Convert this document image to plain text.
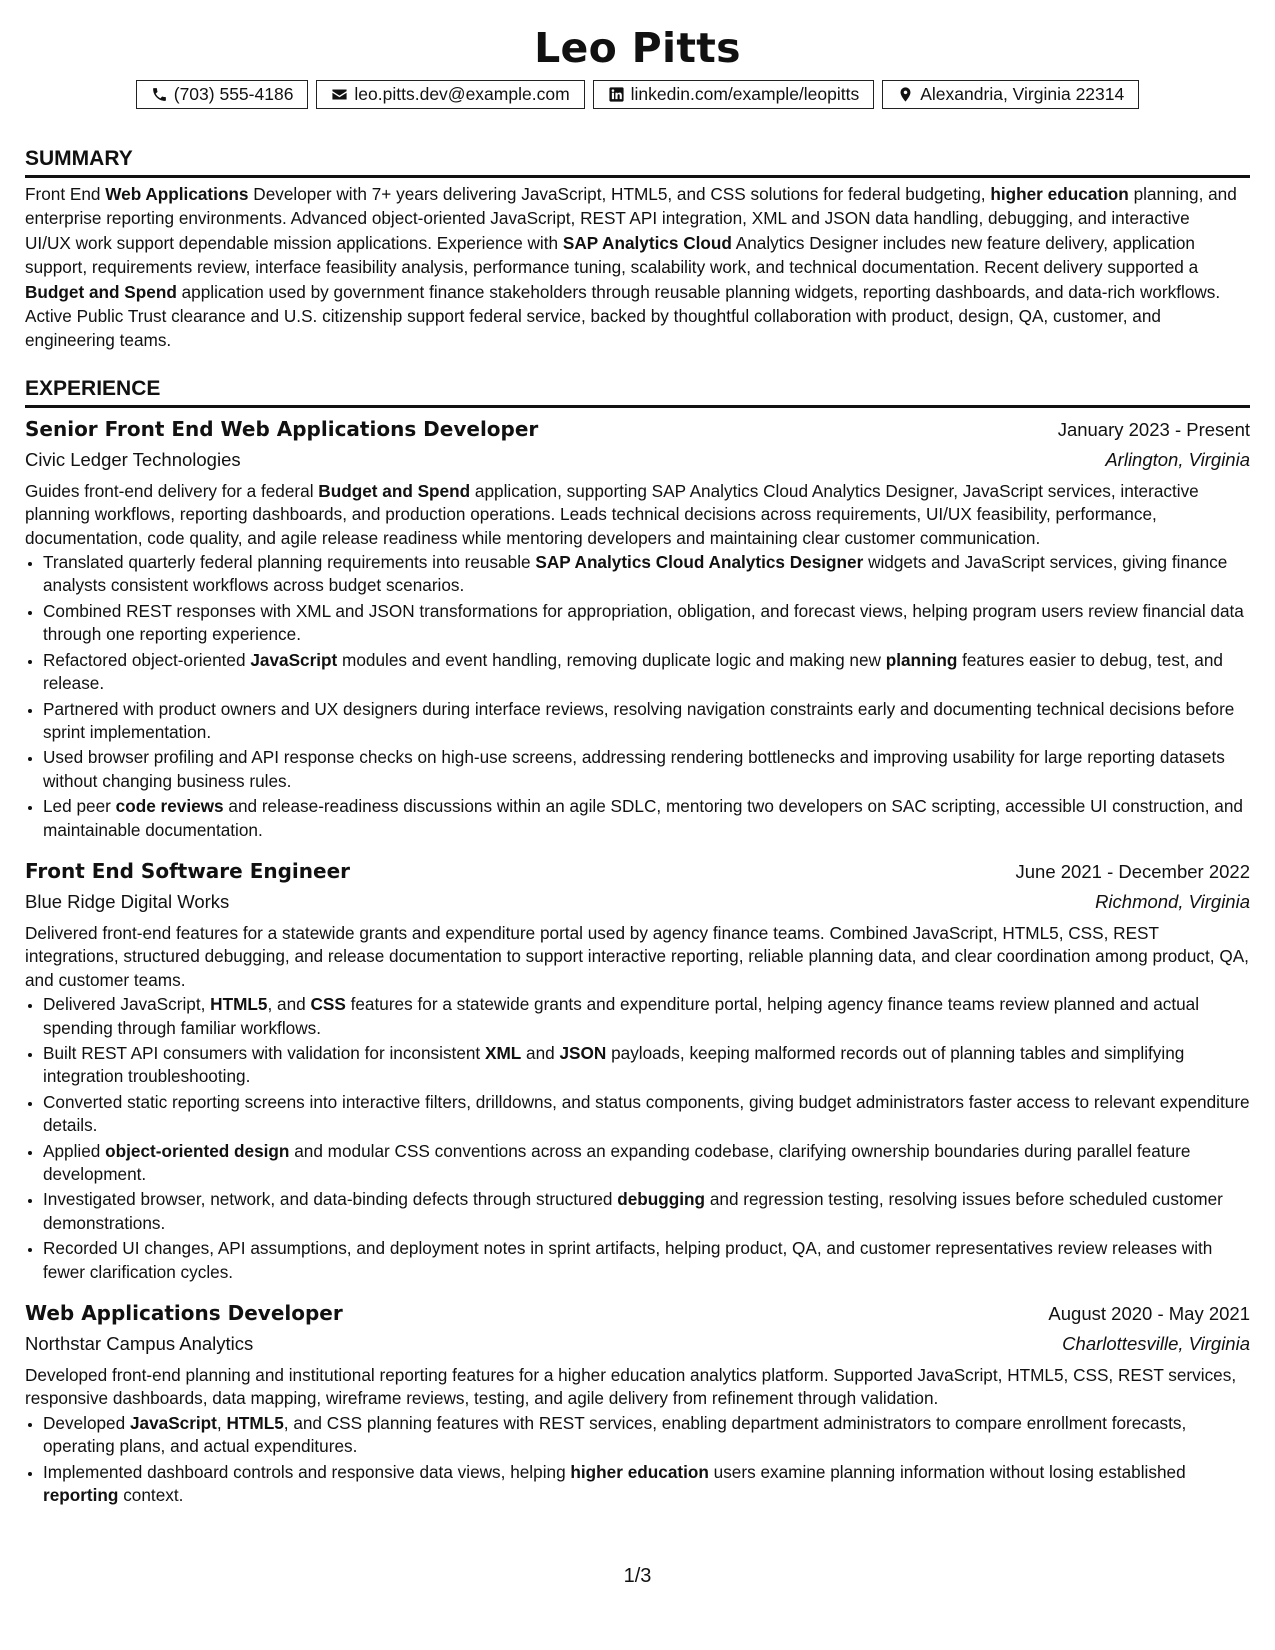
Leo Pitts
(703) 555-4186	leo.pitts.dev@example.com	linkedin.com/example/leopitts	Alexandria, Virginia 22314
SUMMARY
Front End Web Applications Developer with 7+ years delivering JavaScript, HTML5, and CSS solutions for federal budgeting, higher education planning, and enterprise reporting environments. Advanced object-oriented JavaScript, REST API integration, XML and JSON data handling, debugging, and interactive UI/UX work support dependable mission applications. Experience with SAP Analytics Cloud Analytics Designer includes new feature delivery, application support, requirements review, interface feasibility analysis, performance tuning, scalability work, and technical documentation. Recent delivery supported a Budget and Spend application used by government finance stakeholders through reusable planning widgets, reporting dashboards, and data-rich workflows. Active Public Trust clearance and U.S. citizenship support federal service, backed by thoughtful collaboration with product, design, QA, customer, and engineering teams.
EXPERIENCE
Senior Front End Web Applications Developer	January 2023 - Present
Civic Ledger Technologies	Arlington, Virginia
Guides front-end delivery for a federal Budget and Spend application, supporting SAP Analytics Cloud Analytics Designer, JavaScript services, interactive planning workflows, reporting dashboards, and production operations. Leads technical decisions across requirements, UI/UX feasibility, performance, documentation, code quality, and agile release readiness while mentoring developers and maintaining clear customer communication.
• Translated quarterly federal planning requirements into reusable SAP Analytics Cloud Analytics Designer widgets and JavaScript services, giving finance analysts consistent workflows across budget scenarios.
• Combined REST responses with XML and JSON transformations for appropriation, obligation, and forecast views, helping program users review financial data through one reporting experience.
• Refactored object-oriented JavaScript modules and event handling, removing duplicate logic and making new planning features easier to debug, test, and release.
• Partnered with product owners and UX designers during interface reviews, resolving navigation constraints early and documenting technical decisions before sprint implementation.
• Used browser profiling and API response checks on high-use screens, addressing rendering bottlenecks and improving usability for large reporting datasets without changing business rules.
• Led peer code reviews and release-readiness discussions within an agile SDLC, mentoring two developers on SAC scripting, accessible UI construction, and maintainable documentation.
Front End Software Engineer	June 2021 - December 2022
Blue Ridge Digital Works	Richmond, Virginia
Delivered front-end features for a statewide grants and expenditure portal used by agency finance teams. Combined JavaScript, HTML5, CSS, REST integrations, structured debugging, and release documentation to support interactive reporting, reliable planning data, and clear coordination among product, QA, and customer teams.
• Delivered JavaScript, HTML5, and CSS features for a statewide grants and expenditure portal, helping agency finance teams review planned and actual spending through familiar workflows.
• Built REST API consumers with validation for inconsistent XML and JSON payloads, keeping malformed records out of planning tables and simplifying integration troubleshooting.
• Converted static reporting screens into interactive filters, drilldowns, and status components, giving budget administrators faster access to relevant expenditure details.
• Applied object-oriented design and modular CSS conventions across an expanding codebase, clarifying ownership boundaries during parallel feature development.
• Investigated browser, network, and data-binding defects through structured debugging and regression testing, resolving issues before scheduled customer demonstrations.
• Recorded UI changes, API assumptions, and deployment notes in sprint artifacts, helping product, QA, and customer representatives review releases with fewer clarification cycles.
Web Applications Developer	August 2020 - May 2021
Northstar Campus Analytics	Charlottesville, Virginia
Developed front-end planning and institutional reporting features for a higher education analytics platform. Supported JavaScript, HTML5, CSS, REST services, responsive dashboards, data mapping, wireframe reviews, testing, and agile delivery from refinement through validation.
• Developed JavaScript, HTML5, and CSS planning features with REST services, enabling department administrators to compare enrollment forecasts, operating plans, and actual expenditures.
• Implemented dashboard controls and responsive data views, helping higher education users examine planning information without losing established reporting context.
1/3
